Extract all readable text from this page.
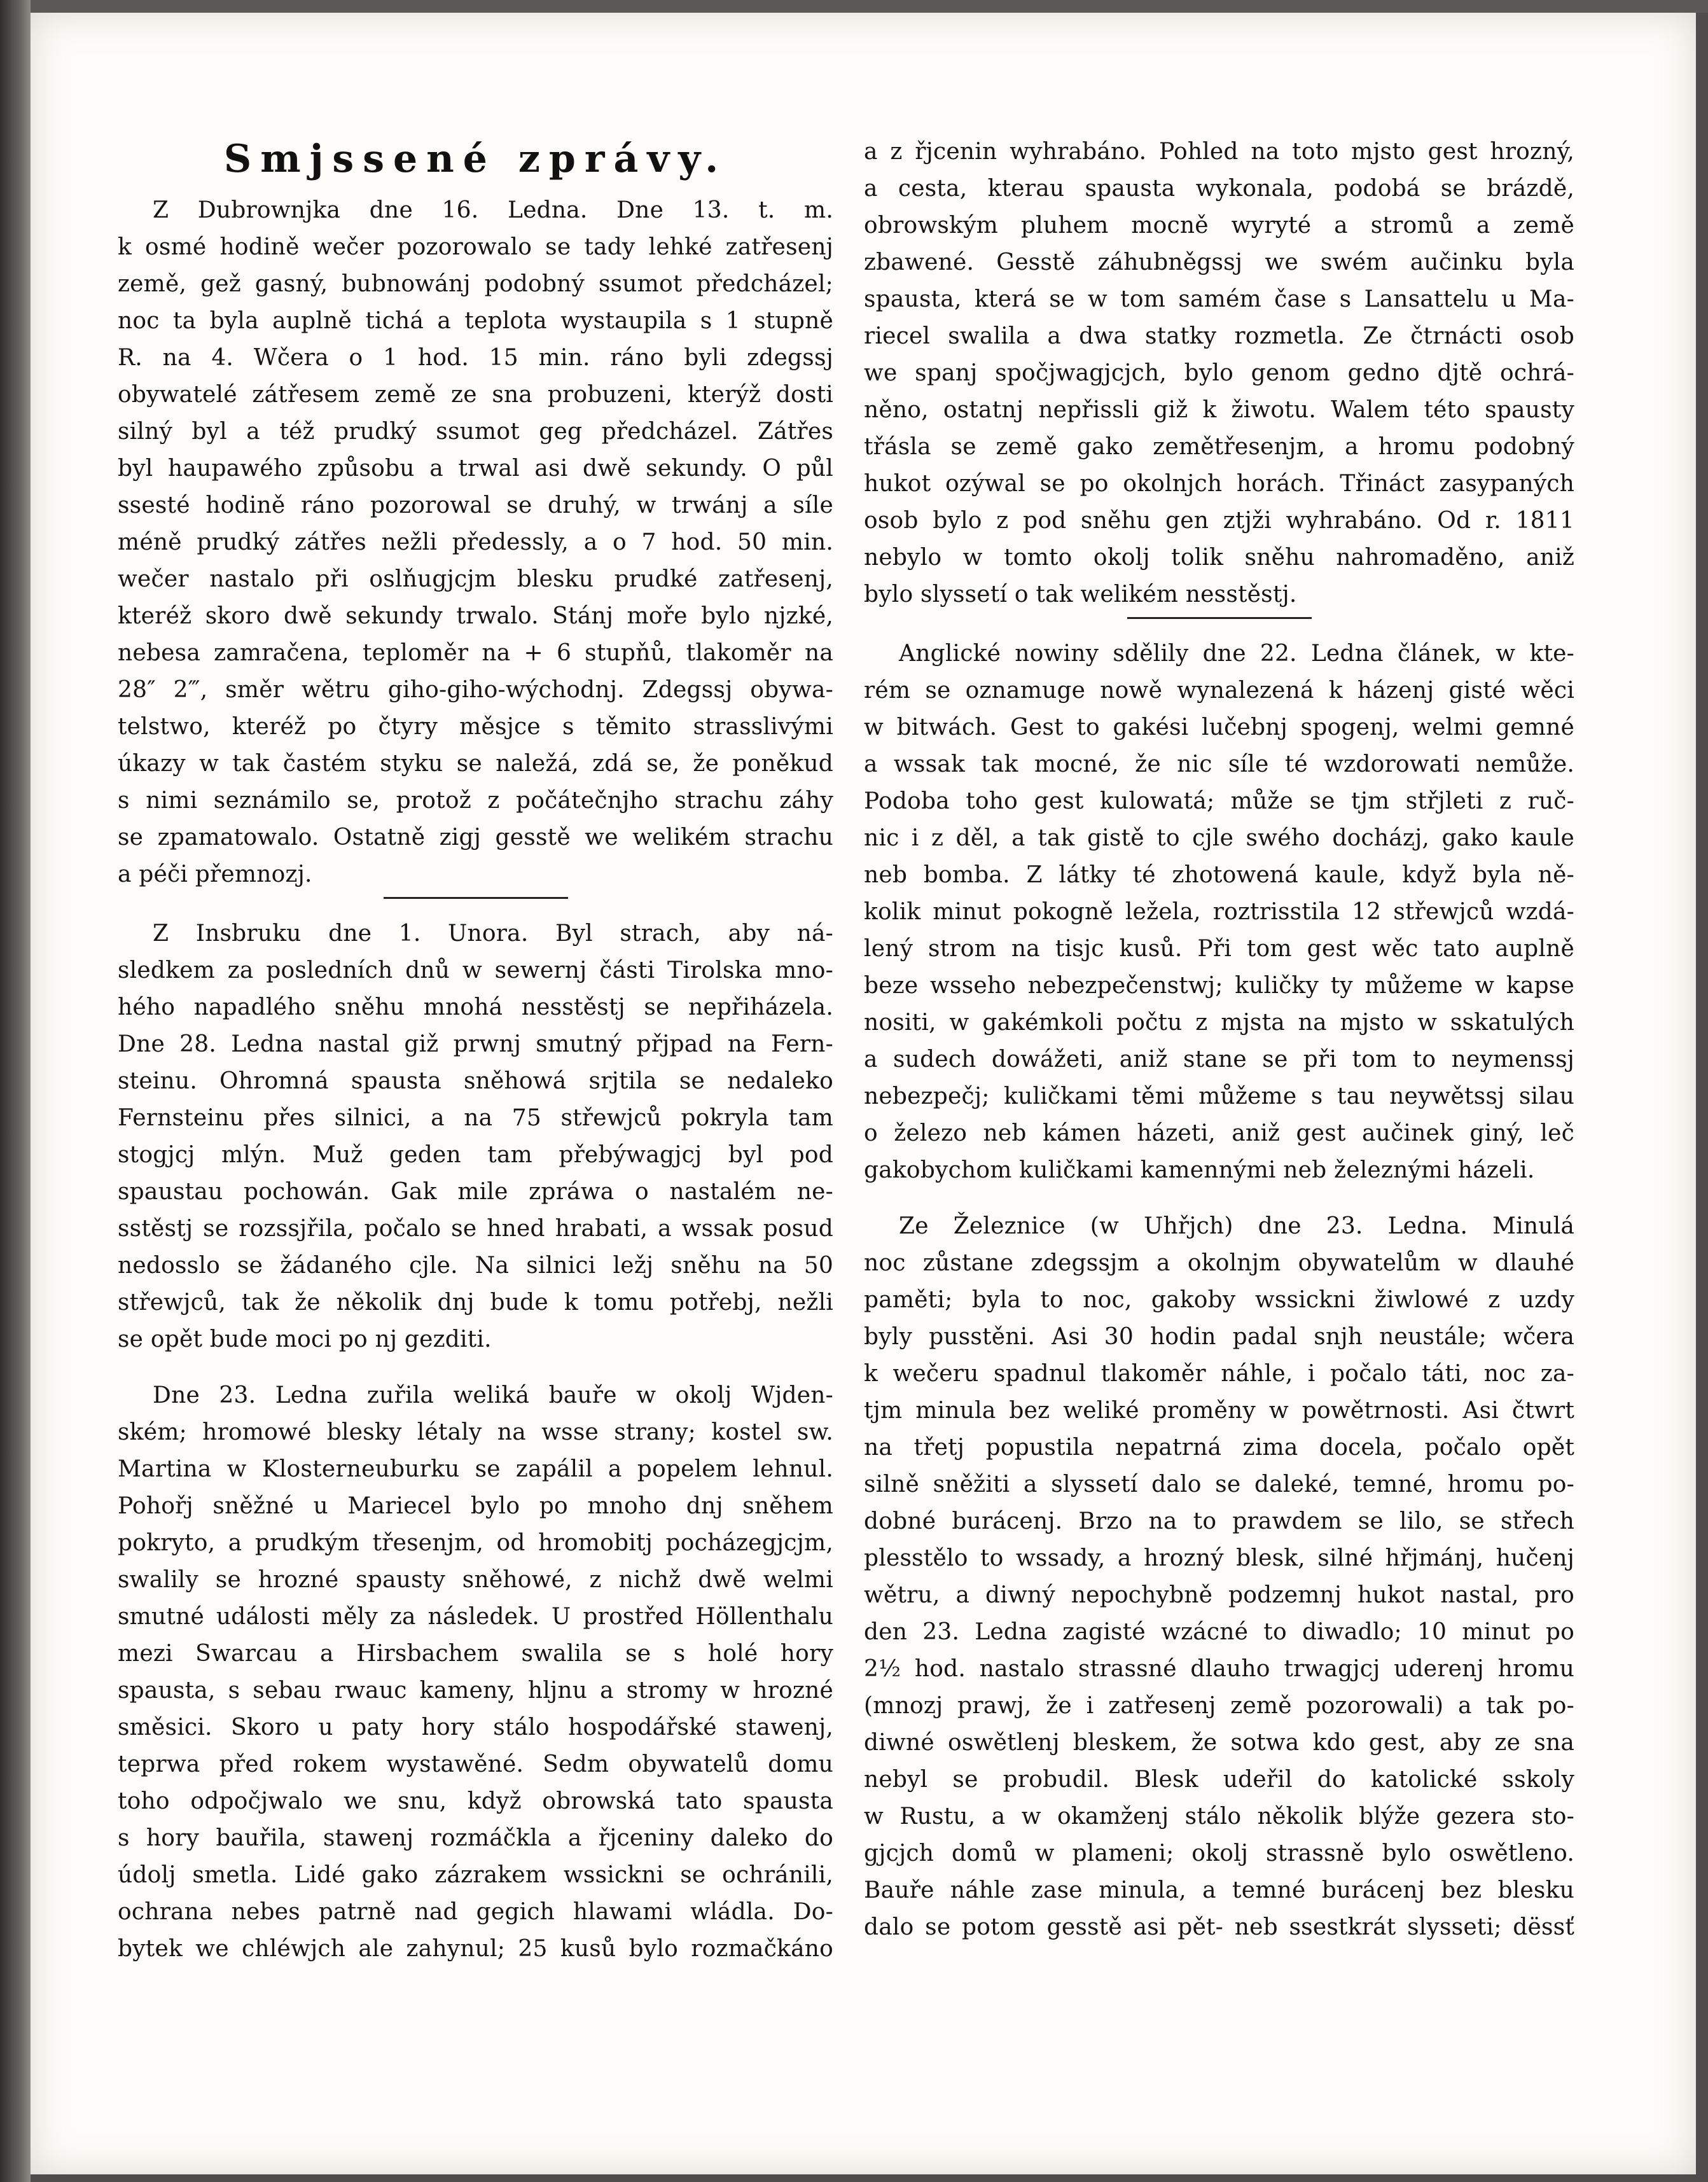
Smjssené zprávy.
Z Dubrownjka dne 16. Ledna. Dne 13. t. m.
k osmé hodině wečer pozorowalo se tady lehké zatřesenj
země, gež gasný, bubnowánj podobný ssumot předcházel;
noc ta byla auplně tichá a teplota wystaupila s 1 stupně
R. na 4. Wčera o 1 hod. 15 min. ráno byli zdegssj
obywatelé zátřesem země ze sna probuzeni, kterýž dosti
silný byl a též prudký ssumot geg předcházel. Zátřes
byl haupawého způsobu a trwal asi dwě sekundy. O půl
ssesté hodině ráno pozorowal se druhý, w trwánj a síle
méně prudký zátřes nežli předessly, a o 7 hod. 50 min.
wečer nastalo při oslňugjcjm blesku prudké zatřesenj,
kteréž skoro dwě sekundy trwalo. Stánj moře bylo njzké,
nebesa zamračena, teploměr na + 6 stupňů, tlakoměr na
28″ 2‴, směr wětru giho-giho-wýchodnj. Zdegssj obywa-
telstwo, kteréž po čtyry měsjce s těmito strasslivými
úkazy w tak častém styku se naležá, zdá se, že poněkud
s nimi seznámilo se, protož z počátečnjho strachu záhy
se zpamatowalo. Ostatně zigj gesstě we welikém strachu
a péči přemnozj.
Z Insbruku dne 1. Unora. Byl strach, aby ná-
sledkem za posledních dnů w sewernj části Tirolska mno-
hého napadlého sněhu mnohá nesstěstj se nepřiházela.
Dne 28. Ledna nastal giž prwnj smutný přjpad na Fern-
steinu. Ohromná spausta sněhowá srjtila se nedaleko
Fernsteinu přes silnici, a na 75 střewjců pokryla tam
stogjcj mlýn. Muž geden tam přebýwagjcj byl pod
spaustau pochowán. Gak mile zpráwa o nastalém ne-
sstěstj se rozssjřila, počalo se hned hrabati, a wssak posud
nedosslo se žádaného cjle. Na silnici ležj sněhu na 50
střewjců, tak že několik dnj bude k tomu potřebj, nežli
se opět bude moci po nj gezditi.
Dne 23. Ledna zuřila weliká bauře w okolj Wjden-
ském; hromowé blesky létaly na wsse strany; kostel sw.
Martina w Klosterneuburku se zapálil a popelem lehnul.
Pohořj sněžné u Mariecel bylo po mnoho dnj sněhem
pokryto, a prudkým třesenjm, od hromobitj pocházegjcjm,
swalily se hrozné spausty sněhowé, z nichž dwě welmi
smutné události měly za následek. U prostřed Höllenthalu
mezi Swarcau a Hirsbachem swalila se s holé hory
spausta, s sebau rwauc kameny, hljnu a stromy w hrozné
směsici. Skoro u paty hory stálo hospodářské stawenj,
teprwa před rokem wystawěné. Sedm obywatelů domu
toho odpočjwalo we snu, když obrowská tato spausta
s hory bauřila, stawenj rozmáčkla a řjceniny daleko do
údolj smetla. Lidé gako zázrakem wssickni se ochránili,
ochrana nebes patrně nad gegich hlawami wládla. Do-
bytek we chléwjch ale zahynul; 25 kusů bylo rozmačkáno
a z řjcenin wyhrabáno. Pohled na toto mjsto gest hrozný,
a cesta, kterau spausta wykonala, podobá se brázdě,
obrowským pluhem mocně wyryté a stromů a země
zbawené. Gesstě záhubněgssj we swém aučinku byla
spausta, která se w tom samém čase s Lansattelu u Ma-
riecel swalila a dwa statky rozmetla. Ze čtrnácti osob
we spanj spočjwagjcjch, bylo genom gedno djtě ochrá-
něno, ostatnj nepřissli giž k žiwotu. Walem této spausty
třásla se země gako zemětřesenjm, a hromu podobný
hukot ozýwal se po okolnjch horách. Třináct zasypaných
osob bylo z pod sněhu gen ztjži wyhrabáno. Od r. 1811
nebylo w tomto okolj tolik sněhu nahromaděno, aniž
bylo slyssetí o tak welikém nesstěstj.
Anglické nowiny sdělily dne 22. Ledna článek, w kte-
rém se oznamuge nowě wynalezená k házenj gisté wěci
w bitwách. Gest to gakési lučebnj spogenj, welmi gemné
a wssak tak mocné, že nic síle té wzdorowati nemůže.
Podoba toho gest kulowatá; může se tjm střjleti z ruč-
nic i z děl, a tak gistě to cjle swého docházj, gako kaule
neb bomba. Z látky té zhotowená kaule, když byla ně-
kolik minut pokogně ležela, roztrisstila 12 střewjců wzdá-
lený strom na tisjc kusů. Při tom gest wěc tato auplně
beze wsseho nebezpečenstwj; kuličky ty můžeme w kapse
nositi, w gakémkoli počtu z mjsta na mjsto w sskatulých
a sudech dowážeti, aniž stane se při tom to neymenssj
nebezpečj; kuličkami těmi můžeme s tau neywětssj silau
o železo neb kámen házeti, aniž gest aučinek giný, leč
gakobychom kuličkami kamennými neb železnými házeli.
Ze Železnice (w Uhřjch) dne 23. Ledna. Minulá
noc zůstane zdegssjm a okolnjm obywatelům w dlauhé
paměti; byla to noc, gakoby wssickni žiwlowé z uzdy
byly pusstěni. Asi 30 hodin padal snjh neustále; wčera
k wečeru spadnul tlakoměr náhle, i počalo táti, noc za-
tjm minula bez weliké proměny w powětrnosti. Asi čtwrt
na třetj popustila nepatrná zima docela, počalo opět
silně sněžiti a slyssetí dalo se daleké, temné, hromu po-
dobné burácenj. Brzo na to prawdem se lilo, se střech
plesstělo to wssady, a hrozný blesk, silné hřjmánj, hučenj
wětru, a diwný nepochybně podzemnj hukot nastal, pro
den 23. Ledna zagisté wzácné to diwadlo; 10 minut po
2½ hod. nastalo strassné dlauho trwagjcj uderenj hromu
(mnozj prawj, že i zatřesenj země pozorowali) a tak po-
diwné oswětlenj bleskem, že sotwa kdo gest, aby ze sna
nebyl se probudil. Blesk udeřil do katolické sskoly
w Rustu, a w okamženj stálo několik blýže gezera sto-
gjcjch domů w plameni; okolj strassně bylo oswětleno.
Bauře náhle zase minula, a temné burácenj bez blesku
dalo se potom gesstě asi pět- neb ssestkrát slysseti; dëssť
